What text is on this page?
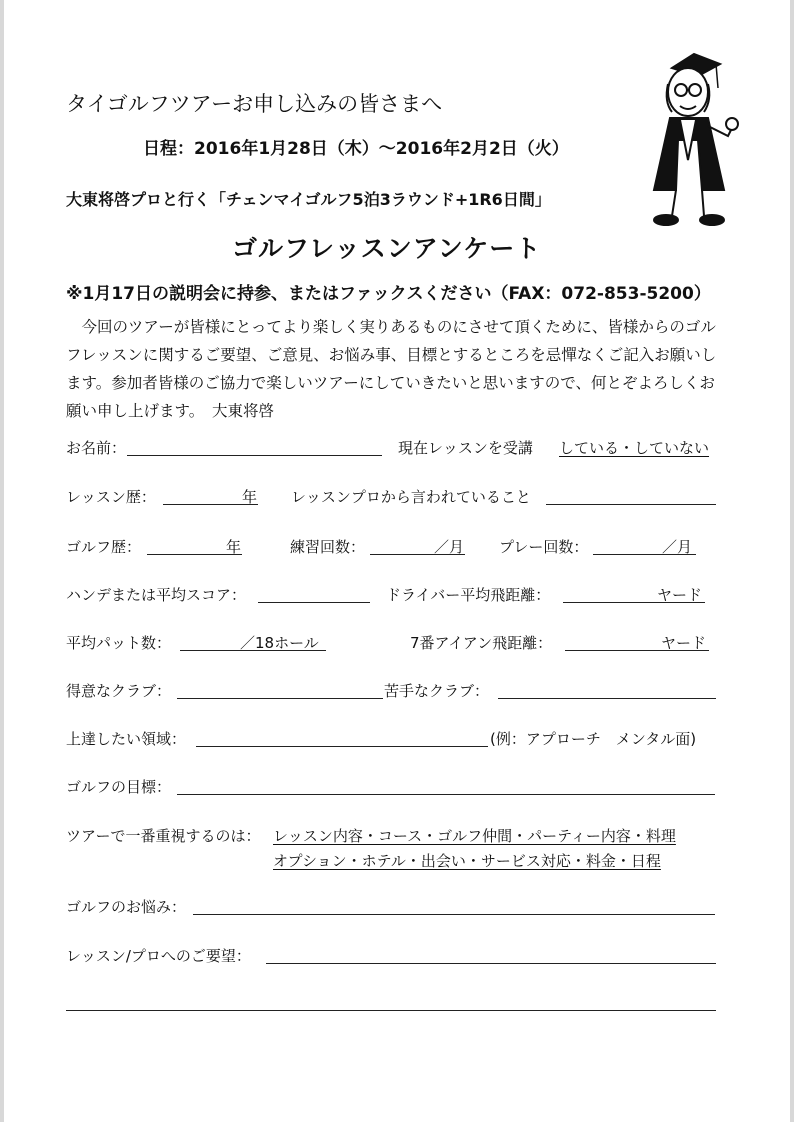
タイゴルフツアーお申し込みの皆さまへ
日程：2016年1月28日（木）～2016年2月2日（火）
大東将啓プロと行く「チェンマイゴルフ5泊3ラウンド+1R6日間」
ゴルフレッスンアンケート
※1月17日の説明会に持参、またはファックスください（FAX：072-853-5200）
今回のツアーが皆様にとってより楽しく実りあるものにさせて頂くために、皆様からのゴルフレッスンに関するご要望、ご意見、お悩み事、目標とするところを忌憚なくご記入お願いします。参加者皆様のご協力で楽しいツアーにしていきたいと思いますので、何とぞよろしくお願い申し上げます。　大東将啓
お名前：	現在レッスンを受講 している・していない
レッスン歴：	年 レッスンプロから言われていること
ゴルフ歴：	年	練習回数：	／月 プレー回数：	／月
ハンデまたは平均スコア：	ドライバー平均飛距離：	ヤード
平均パット数：	／18ホール	7番アイアン飛距離：	ヤード
得意なクラブ：	苦手なクラブ：
上達したい領域：	(例：アプローチ　メンタル面)
ゴルフの目標：
ツアーで一番重視するのは： レッスン内容・コース・ゴルフ仲間・パーティー内容・料理
オプション・ホテル・出会い・サービス対応・料金・日程
ゴルフのお悩み：
レッスン/プロへのご要望：
